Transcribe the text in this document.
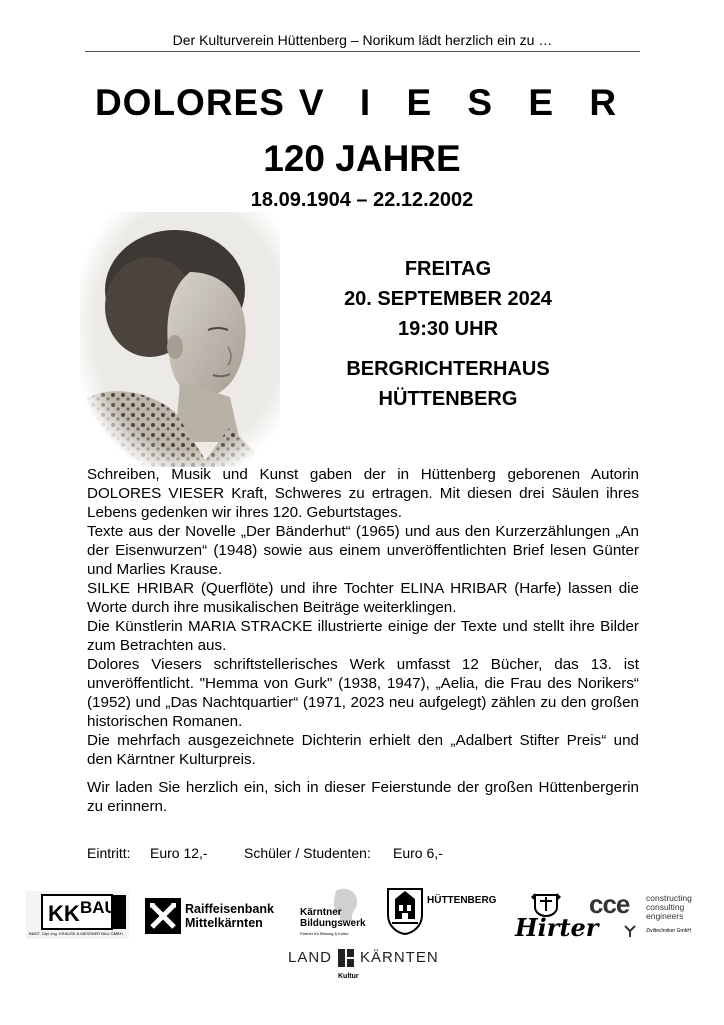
Der Kulturverein Hüttenberg – Norikum lädt herzlich ein zu …
DOLORES V I E S E R
120 JAHRE
18.09.1904 – 22.12.2002
FREITAG
20. SEPTEMBER 2024
19:30 UHR
BERGRICHTERHAUS
HÜTTENBERG

Schreiben, Musik und Kunst gaben der in Hüttenberg geborenen Autorin DOLORES VIESER Kraft, Schweres zu ertragen. Mit diesen drei Säulen ihres Lebens gedenken wir ihres 120. Geburtstages.

Texte aus der Novelle „Der Bänderhut“ (1965) und aus den Kurzerzählungen „An der Eisenwurzen“ (1948) sowie aus einem unveröffentlichten Brief lesen Günter und Marlies Krause.

SILKE HRIBAR (Querflöte) und ihre Tochter ELINA HRIBAR (Harfe) lassen die Worte durch ihre musikalischen Beiträge weiterklingen.

Die Künstlerin MARIA STRACKE illustrierte einige der Texte und stellt ihre Bilder zum Betrachten aus.

Dolores Viesers schriftstellerisches Werk umfasst 12 Bücher, das 13. ist unveröffentlicht. "Hemma von Gurk" (1938, 1947), „Aelia, die Frau des Norikers“ (1952) und „Das Nachtquartier“ (1971, 2023 neu aufgelegt) zählen zu den großen historischen Romanen.

Die mehrfach ausgezeichnete Dichterin erhielt den „Adalbert Stifter Preis“ und den Kärntner Kulturpreis.

Wir laden Sie herzlich ein, sich in dieser Feierstunde der großen Hüttenbergerin zu erinnern.

Eintritt: Euro 12,-	Schüler / Studenten: Euro 6,-
KK BAU
BMST. Dipl.-Ing. KRAUSE & MESSNER BAU GMBH
Raiffeisenbank
Mittelkärnten
Kärntner
Bildungswerk
Partner für Bildung & Kultur
HÜTTENBERG
Hirter
cce constructing
consulting
engineers
Ziviltechniker GmbH
LAND KÄRNTEN
Kultur
